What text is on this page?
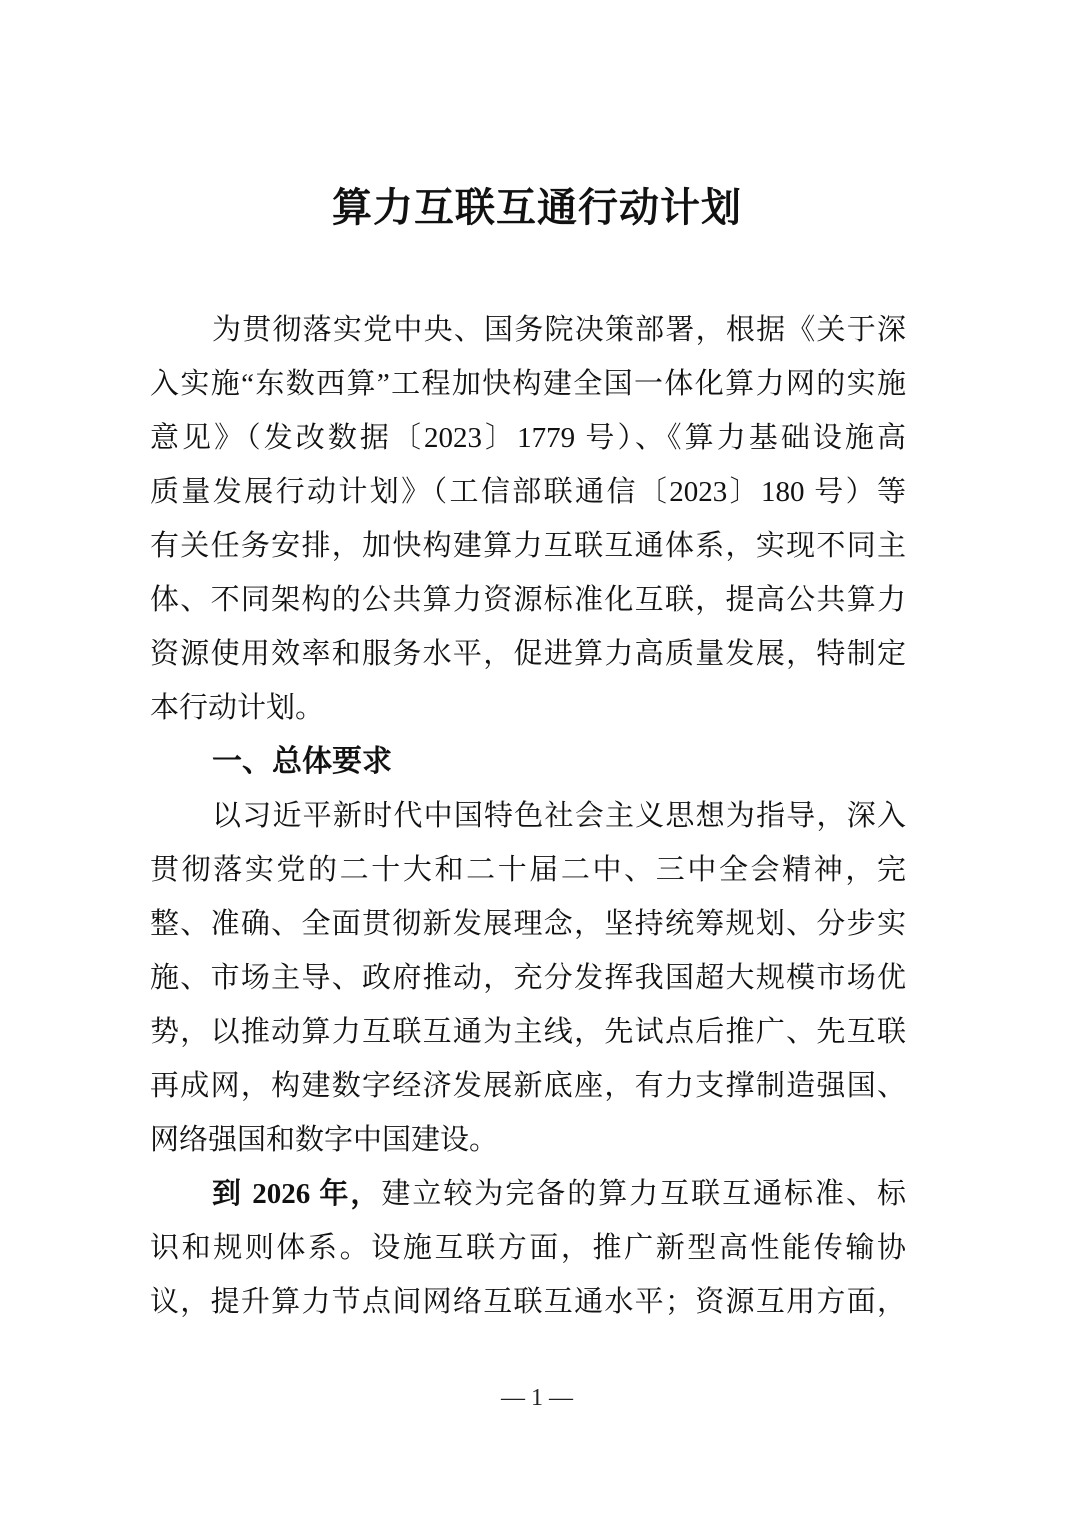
算力互联互通行动计划
为贯彻落实党中央、国务院决策部署，根据《关于深
入实施“东数西算”工程加快构建全国一体化算力网的实施
意见》（发改数据〔2023〕1779 号）、《算力基础设施高
质量发展行动计划》（工信部联通信〔2023〕180 号）等
有关任务安排，加快构建算力互联互通体系，实现不同主
体、不同架构的公共算力资源标准化互联，提高公共算力
资源使用效率和服务水平，促进算力高质量发展，特制定
本行动计划。
一、总体要求
以习近平新时代中国特色社会主义思想为指导，深入
贯彻落实党的二十大和二十届二中、三中全会精神，完
整、准确、全面贯彻新发展理念，坚持统筹规划、分步实
施、市场主导、政府推动，充分发挥我国超大规模市场优
势，以推动算力互联互通为主线，先试点后推广、先互联
再成网，构建数字经济发展新底座，有力支撑制造强国、
网络强国和数字中国建设。
到 2026 年，建立较为完备的算力互联互通标准、标
识和规则体系。设施互联方面，推广新型高性能传输协
议，提升算力节点间网络互联互通水平；资源互用方面，
— 1 —
